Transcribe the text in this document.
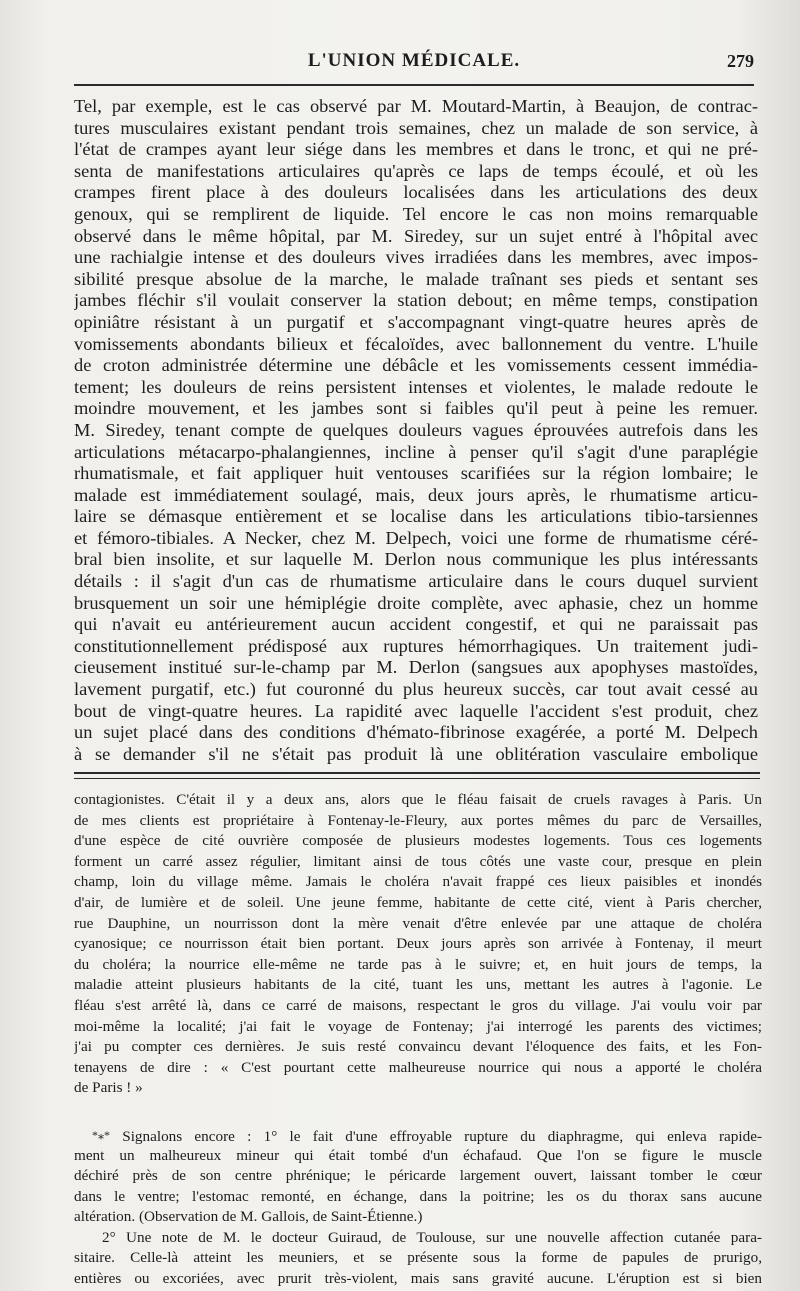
L'UNION MÉDICALE.	279
Tel, par exemple, est le cas observé par M. Moutard-Martin, à Beaujon, de contrac-
tures musculaires existant pendant trois semaines, chez un malade de son service, à
l'état de crampes ayant leur siége dans les membres et dans le tronc, et qui ne pré-
senta de manifestations articulaires qu'après ce laps de temps écoulé, et où les
crampes firent place à des douleurs localisées dans les articulations des deux
genoux, qui se remplirent de liquide. Tel encore le cas non moins remarquable
observé dans le même hôpital, par M. Siredey, sur un sujet entré à l'hôpital avec
une rachialgie intense et des douleurs vives irradiées dans les membres, avec impos-
sibilité presque absolue de la marche, le malade traînant ses pieds et sentant ses
jambes fléchir s'il voulait conserver la station debout; en même temps, constipation
opiniâtre résistant à un purgatif et s'accompagnant vingt-quatre heures après de
vomissements abondants bilieux et fécaloïdes, avec ballonnement du ventre. L'huile
de croton administrée détermine une débâcle et les vomissements cessent immédia-
tement; les douleurs de reins persistent intenses et violentes, le malade redoute le
moindre mouvement, et les jambes sont si faibles qu'il peut à peine les remuer.
M. Siredey, tenant compte de quelques douleurs vagues éprouvées autrefois dans les
articulations métacarpo-phalangiennes, incline à penser qu'il s'agit d'une paraplégie
rhumatismale, et fait appliquer huit ventouses scarifiées sur la région lombaire; le
malade est immédiatement soulagé, mais, deux jours après, le rhumatisme articu-
laire se démasque entièrement et se localise dans les articulations tibio-tarsiennes
et fémoro-tibiales. A Necker, chez M. Delpech, voici une forme de rhumatisme céré-
bral bien insolite, et sur laquelle M. Derlon nous communique les plus intéressants
détails : il s'agit d'un cas de rhumatisme articulaire dans le cours duquel survient
brusquement un soir une hémiplégie droite complète, avec aphasie, chez un homme
qui n'avait eu antérieurement aucun accident congestif, et qui ne paraissait pas
constitutionnellement prédisposé aux ruptures hémorrhagiques. Un traitement judi-
cieusement institué sur-le-champ par M. Derlon (sangsues aux apophyses mastoïdes,
lavement purgatif, etc.) fut couronné du plus heureux succès, car tout avait cessé au
bout de vingt-quatre heures. La rapidité avec laquelle l'accident s'est produit, chez
un sujet placé dans des conditions d'hémato-fibrinose exagérée, a porté M. Delpech
à se demander s'il ne s'était pas produit là une oblitération vasculaire embolique
contagionistes. C'était il y a deux ans, alors que le fléau faisait de cruels ravages à Paris. Un
de mes clients est propriétaire à Fontenay-le-Fleury, aux portes mêmes du parc de Versailles,
d'une espèce de cité ouvrière composée de plusieurs modestes logements. Tous ces logements
forment un carré assez régulier, limitant ainsi de tous côtés une vaste cour, presque en plein
champ, loin du village même. Jamais le choléra n'avait frappé ces lieux paisibles et inondés
d'air, de lumière et de soleil. Une jeune femme, habitante de cette cité, vient à Paris chercher,
rue Dauphine, un nourrisson dont la mère venait d'être enlevée par une attaque de choléra
cyanosique; ce nourrisson était bien portant. Deux jours après son arrivée à Fontenay, il meurt
du choléra; la nourrice elle-même ne tarde pas à le suivre; et, en huit jours de temps, la
maladie atteint plusieurs habitants de la cité, tuant les uns, mettant les autres à l'agonie. Le
fléau s'est arrêté là, dans ce carré de maisons, respectant le gros du village. J'ai voulu voir par
moi-même la localité; j'ai fait le voyage de Fontenay; j'ai interrogé les parents des victimes;
j'ai pu compter ces dernières. Je suis resté convaincu devant l'éloquence des faits, et les Fon-
tenayens de dire : « C'est pourtant cette malheureuse nourrice qui nous a apporté le choléra
de Paris ! »
*⁎* Signalons encore : 1° le fait d'une effroyable rupture du diaphragme, qui enleva rapide-
ment un malheureux mineur qui était tombé d'un échafaud. Que l'on se figure le muscle
déchiré près de son centre phrénique; le péricarde largement ouvert, laissant tomber le cœur
dans le ventre; l'estomac remonté, en échange, dans la poitrine; les os du thorax sans aucune
altération. (Observation de M. Gallois, de Saint-Étienne.)
2° Une note de M. le docteur Guiraud, de Toulouse, sur une nouvelle affection cutanée para-
sitaire. Celle-là atteint les meuniers, et se présente sous la forme de papules de prurigo,
entières ou excoriées, avec prurit très-violent, mais sans gravité aucune. L'éruption est si bien
